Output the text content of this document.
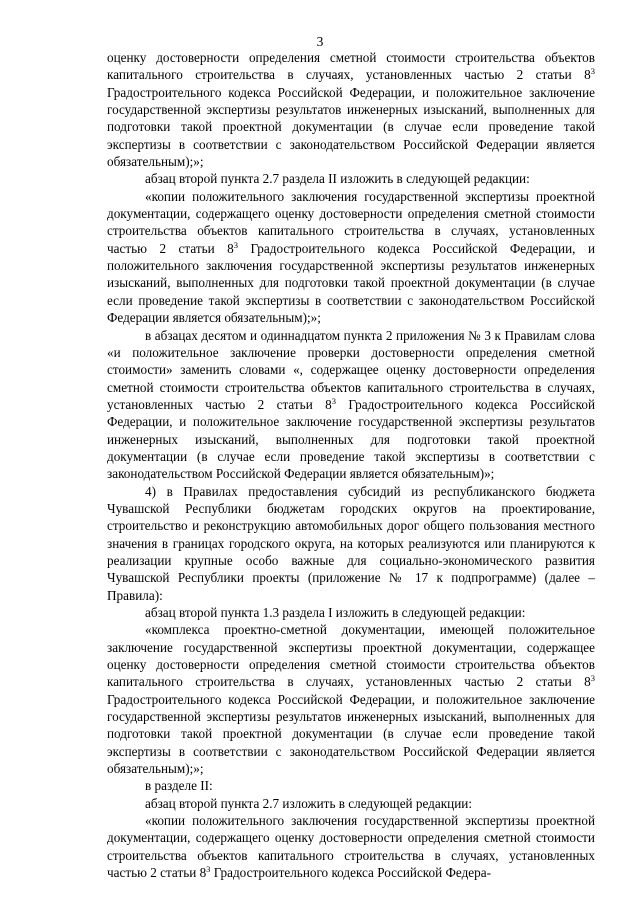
3

оценку достоверности определения сметной стоимости строительства объектов капитального строительства в случаях, установленных частью 2 статьи $8^3$ Градостроительного кодекса Российской Федерации, и положительное заключение государственной экспертизы результатов инженерных изысканий, выполненных для подготовки такой проектной документации (в случае если проведение такой экспертизы в соответствии с законодательством Российской Федерации является обязательным);»;

абзац второй пункта 2.7 раздела II изложить в следующей редакции:

«копии положительного заключения государственной экспертизы проектной документации, содержащего оценку достоверности определения сметной стоимости строительства объектов капитального строительства в случаях, установленных частью 2 статьи $8^3$ Градостроительного кодекса Российской Федерации, и положительного заключения государственной экспертизы результатов инженерных изысканий, выполненных для подготовки такой проектной документации (в случае если проведение такой экспертизы в соответствии с законодательством Российской Федерации является обязательным);»;

в абзацах десятом и одиннадцатом пункта 2 приложения № 3 к Правилам слова «и положительное заключение проверки достоверности определения сметной стоимости» заменить словами «, содержащее оценку достоверности определения сметной стоимости строительства объектов капитального строительства в случаях, установленных частью 2 статьи $8^3$ Градостроительного кодекса Российской Федерации, и положительное заключение государственной экспертизы результатов инженерных изысканий, выполненных для подготовки такой проектной документации (в случае если проведение такой экспертизы в соответствии с законодательством Российской Федерации является обязательным)»;

4) в Правилах предоставления субсидий из республиканского бюджета Чувашской Республики бюджетам городских округов на проектирование, строительство и реконструкцию автомобильных дорог общего пользования местного значения в границах городского округа, на которых реализуются или планируются к реализации крупные особо важные для социально-экономического развития Чувашской Республики проекты (приложение № 17 к подпрограмме) (далее – Правила):

абзац второй пункта 1.3 раздела I изложить в следующей редакции:

«комплекса проектно-сметной документации, имеющей положительное заключение государственной экспертизы проектной документации, содержащее оценку достоверности определения сметной стоимости строительства объектов капитального строительства в случаях, установленных частью 2 статьи $8^3$ Градостроительного кодекса Российской Федерации, и положительное заключение государственной экспертизы результатов инженерных изысканий, выполненных для подготовки такой проектной документации (в случае если проведение такой экспертизы в соответствии с законодательством Российской Федерации является обязательным);»;

в разделе II:

абзац второй пункта 2.7 изложить в следующей редакции:

«копии положительного заключения государственной экспертизы проектной документации, содержащего оценку достоверности определения сметной стоимости строительства объектов капитального строительства в случаях, установленных частью 2 статьи $8^3$ Градостроительного кодекса Российской Федера-
